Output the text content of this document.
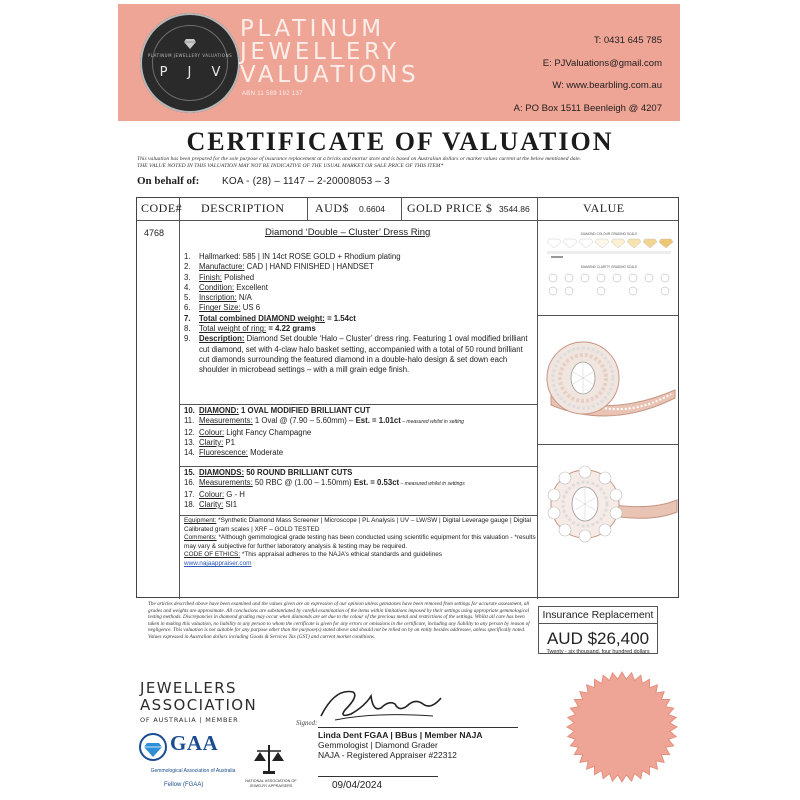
PLATINUM JEWELLERY VALUATIONS
P J V
PLATINUM
JEWELLERY
VALUATIONS
ABN 11 589 192 137
T: 0431 645 785
E: PJValuations@gmail.com
W: www.bearbling.com.au
A: PO Box 1511 Beenleigh @ 4207
CERTIFICATE OF VALUATION
This valuation has been prepared for the sole purpose of insurance replacement at a bricks and mortar store and is based on Australian dollars or market values current at the below mentioned date.
THE VALUE NOTED IN THIS VALUATION MAY NOT BE INDICATIVE OF THE USUAL MARKET OR SALE PRICE OF THIS ITEM*
On behalf of: KOA - (28) – 1147 – 2-20008053 – 3
CODE# DESCRIPTION	AUD$ 0.6604 GOLD PRICE $ 3544.86	VALUE
4768	Diamond ‘Double – Cluster’ Dress Ring
1.	Hallmarked: 585 | IN 14ct ROSE GOLD + Rhodium plating
2.	Manufacture: CAD | HAND FINISHED | HANDSET
3.	Finish: Polished
4.	Condition: Excellent
5.	Inscription: N/A
6.	Finger Size: US 6
7.	Total combined DIAMOND weight: = 1.54ct
8.	Total weight of ring: = 4.22 grams
9.	Description: Diamond Set double ‘Halo – Cluster’ dress ring. Featuring 1 oval modified brilliant cut diamond, set with 4-claw halo basket setting, accompanied with a total of 50 round brilliant cut diamonds surrounding the featured diamond in a double-halo design & set down each shoulder in microbead settings – with a mill grain edge finish.
10. DIAMOND: 1 OVAL MODIFIED BRILLIANT CUT
11. Measurements: 1 Oval @ (7.90 – 5.60mm) – Est. = 1.01ct – measured whilst in setting
12. Colour: Light Fancy Champagne
13. Clarity: P1
14. Fluorescence: Moderate
15. DIAMONDS: 50 ROUND BRILLIANT CUTS
16. Measurements: 50 RBC @ (1.00 – 1.50mm) Est. = 0.53ct – measured whilst in settings
17. Colour: G - H
18. Clarity: SI1
Equipment: *Synthetic Diamond Mass Screener | Microscope | PL Analysis | UV – LW/SW | Digital Leverage gauge | Digital Calibrated gram scales | XRF – GOLD TESTED
Comments: *Although gemmological grade testing has been conducted using scientific equipment for this valuation - *results may vary & subjective for further laboratory analysis & testing may be required.
CODE OF ETHICS: *This appraisal adheres to the NAJA’s ethical standards and guidelines
www.najaappraiser.com
DIAMOND COLOUR GRADING SCALE
DIAMOND CLARITY GRADING SCALE
The articles described above have been examined and the values given are an expression of our opinion unless gemstones have been removed from settings for accurate assessment, all grades and weights are approximate. All conclusions are substantiated by careful examination of the items within limitations imposed by their settings using appropriate gemmological testing methods. Discrepancies in diamond grading may occur when diamonds are set due to the colour of the precious metal and restrictions of the settings. Whilst all care has been taken in making this valuation, no liability to any person to whom the certificate is given for any errors or omissions in the certificate, including any liability to any person by reason of negligence. This valuation is not suitable for any purpose other than the purpose(s) stated above and should not be relied on by an entity besides addressee, unless specifically noted. Values expressed in Australian dollars including Goods & Services Tax (GST) and current market conditions.
Insurance Replacement
AUD $26,400
Twenty - six thousand, four hundred dollars
JEWELLERS
ASSOCIATION
OF AUSTRALIA | MEMBER
GAA
Gemmological Association of Australia
Fellow (FGAA)
NATIONAL ASSOCIATION OF JEWELRY APPRAISERS
Signed:
Linda Dent FGAA | BBus | Member NAJA
Gemmologist | Diamond Grader
NAJA - Registered Appraiser #22312
09/04/2024
